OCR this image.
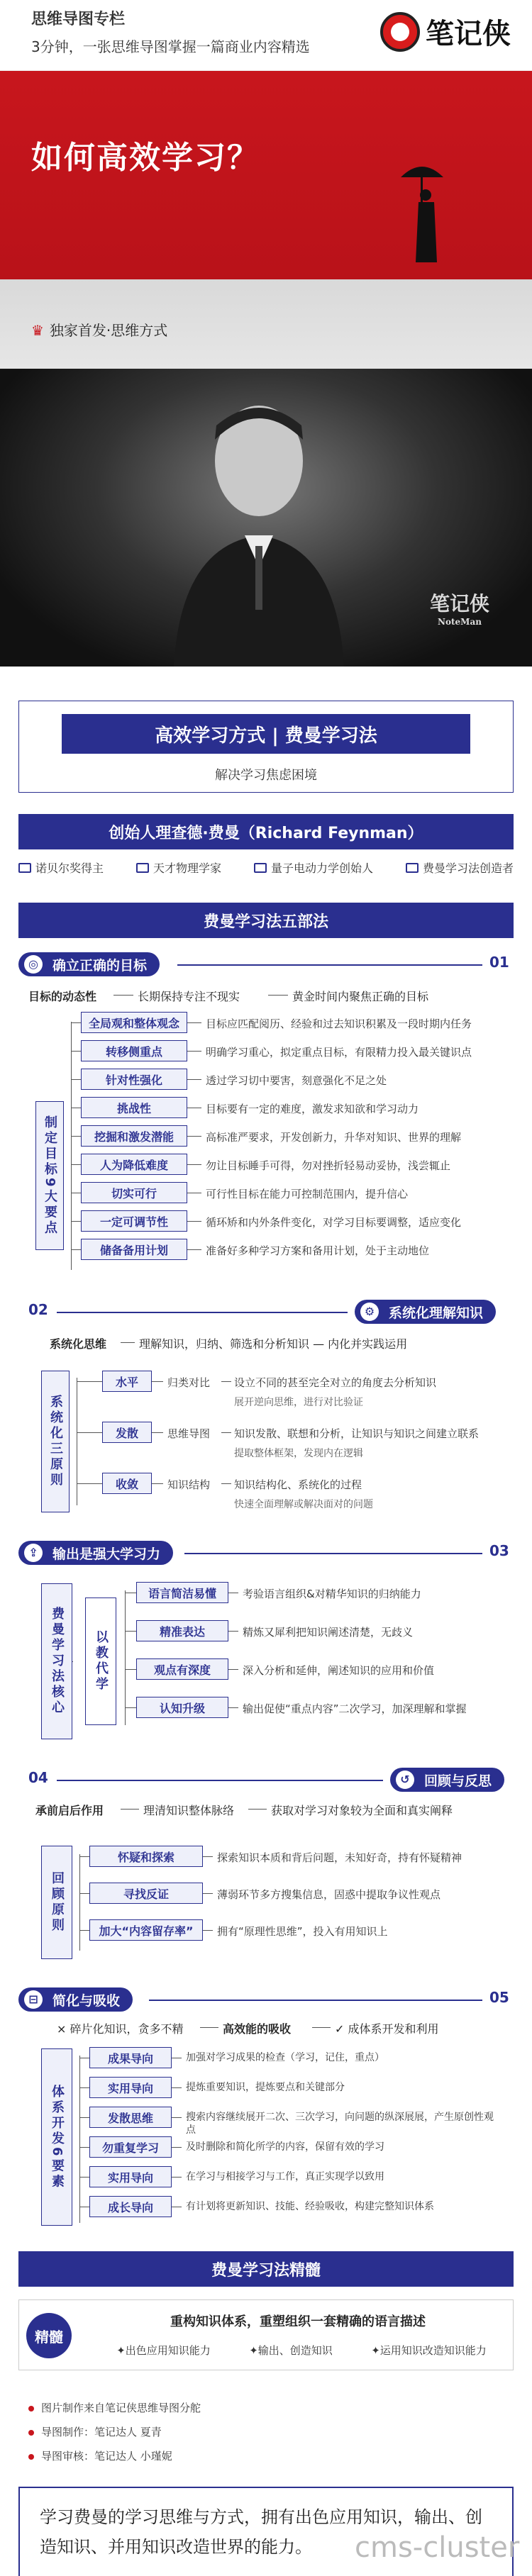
思维导图专栏
3分钟，一张思维导图掌握一篇商业内容精选	笔记侠
如何高效学习？
♛ 独家首发·思维方式
笔记侠
NoteMan
高效学习方式 | 费曼学习法
解决学习焦虑困境
创始人理查德·费曼（Richard Feynman）
诺贝尔奖得主	天才物理学家	量子电动力学创始人	费曼学习法创造者
费曼学习法五部法
◎	确立正确的目标	01
目标的动态性	长期保持专注不现实	黄金时间内聚焦正确的目标
制定目标9大要点
全局观和整体观念	目标应匹配阅历、经验和过去知识积累及一段时期内任务
转移侧重点	明确学习重心，拟定重点目标，有限精力投入最关键识点
针对性强化	透过学习切中要害，刻意强化不足之处
挑战性	目标要有一定的难度，激发求知欲和学习动力
挖掘和激发潜能	高标准严要求，开发创新力，升华对知识、世界的理解
人为降低难度	勿让目标睡手可得，勿对挫折轻易动妥协，浅尝辄止
切实可行	可行性目标在能力可控制范围内，提升信心
一定可调节性	循环矫和内外条件变化，对学习目标要调整，适应变化
储备备用计划	准备好多种学习方案和备用计划，处于主动地位
02	⚙	系统化理解知识
系统化思维	理解知识，归纳、筛选和分析知识 — 内化并实践运用
系统化三原则
水平	归类对比 设立不同的甚至完全对立的角度去分析知识
展开逆向思维，进行对比验证
发散	思维导图 知识发散、联想和分析，让知识与知识之间建立联系
提取整体框架，发现内在逻辑
收敛	知识结构 知识结构化、系统化的过程
快速全面理解或解决面对的问题
⇪	输出是强大学习力	03
费曼学习法核心	以教代学
语言简洁易懂	考验语言组织&对精华知识的归纳能力
精准表达	精炼又犀利把知识阐述清楚，无歧义
观点有深度	深入分析和延伸，阐述知识的应用和价值
认知升级	输出促使“重点内容”二次学习，加深理解和掌握
04	↺	回顾与反思
承前启后作用	理清知识整体脉络	获取对学习对象较为全面和真实阐释
回顾原则
怀疑和探索	探索知识本质和背后问题，未知好奇，持有怀疑精神
寻找反证	薄弱环节多方搜集信息，固惑中提取争议性观点
加大“内容留存率”	拥有“原理性思维”，投入有用知识上
⊟	简化与吸收	05
× 碎片化知识，贪多不精	高效能的吸收	✓ 成体系开发和利用
体系开发6要素
成果导向	加强对学习成果的检查（学习，记住，重点）
实用导向	提炼重要知识，提炼要点和关键部分
发散思维	搜索内容继续展开二次、三次学习，向问题的纵深展展，产生原创性观点
勿重复学习	及时删除和简化所学的内容，保留有效的学习
实用导向	在学习与相接学习与工作，真正实现学以致用
成长导向	有计划将更新知识、技能、经验吸收，构建完整知识体系
费曼学习法精髓
精髓
重构知识体系，重塑组织一套精确的语言描述
✦出色应用知识能力	✦输出、创造知识	✦运用知识改造知识能力
图片制作来自笔记侠思维导图分舵
导图制作：笔记达人 夏青
导图审核：笔记达人 小瑾妮
学习费曼的学习思维与方式，拥有出色应用知识，输出、创造知识、并用知识改造世界的能力。	cms-cluster
